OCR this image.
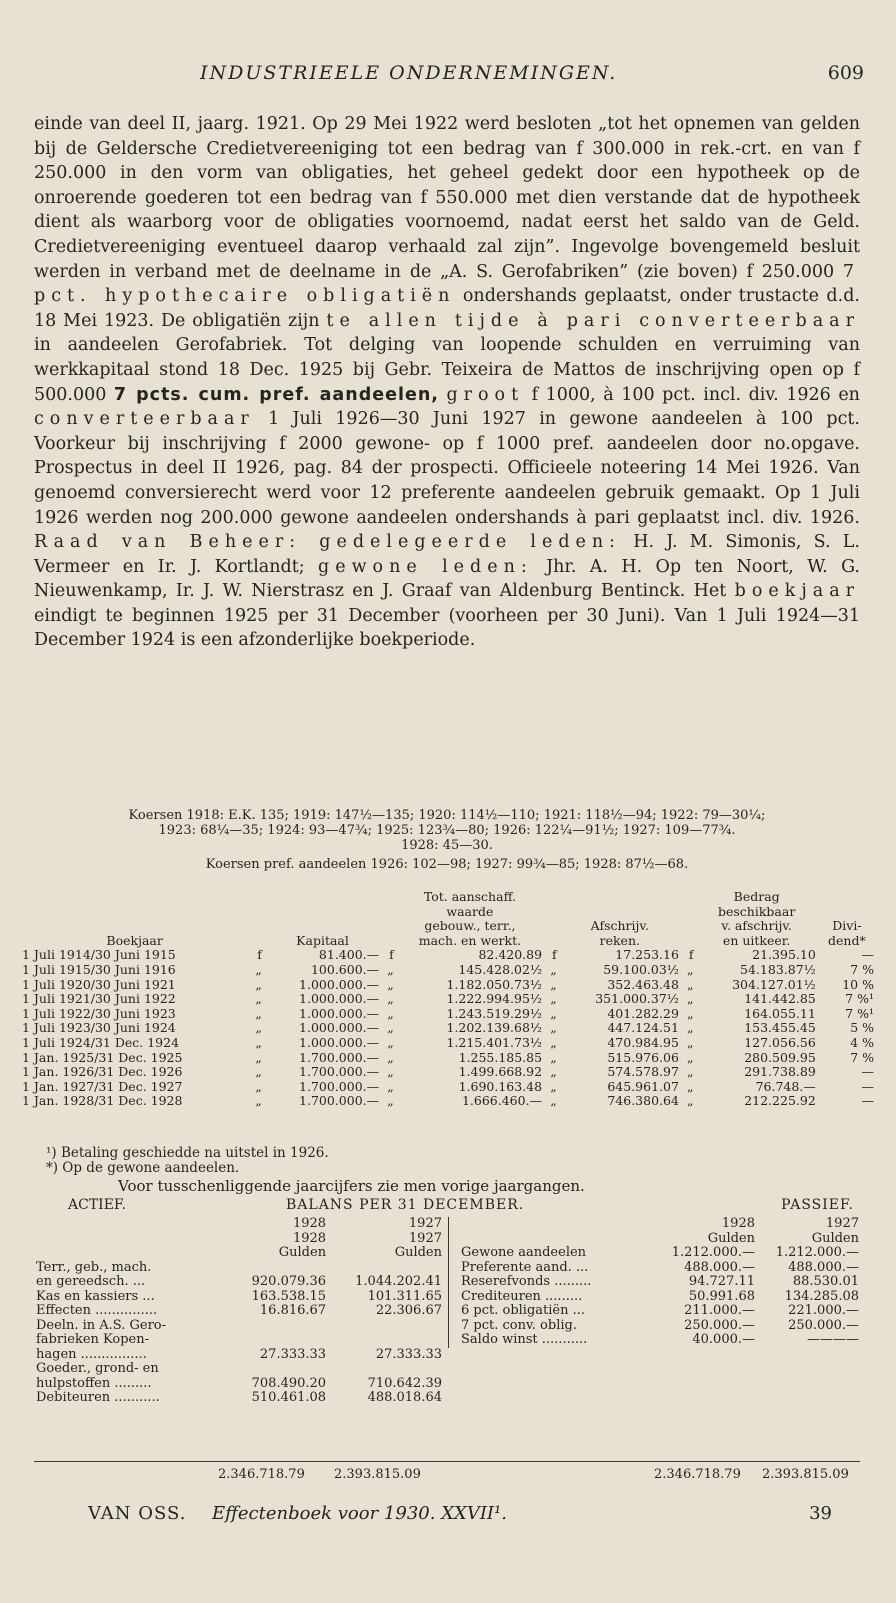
INDUSTRIEELE ONDERNEMINGEN.	609

einde van deel II, jaarg. 1921. Op 29 Mei 1922 werd besloten „tot het opnemen van gelden bij de Geldersche Credietvereeniging tot een bedrag van f 300.000 in rek.-crt. en van f 250.000 in den vorm van obligaties, het geheel gedekt door een hypotheek op de onroerende goederen tot een bedrag van f 550.000 met dien verstande dat de hypotheek dient als waarborg voor de obligaties voornoemd, nadat eerst het saldo van de Geld. Credietvereeniging eventueel daarop verhaald zal zijn”. Ingevolge bovengemeld besluit werden in verband met de deelname in de „A. S. Gerofabriken” (zie boven) f 250.000 7 pct. hypothecaire obligatiën ondershands geplaatst, onder trustacte d.d. 18 Mei 1923. De obligatiën zijn te allen tijde à pari converteerbaar in aandeelen Gerofabriek. Tot delging van loopende schulden en verruiming van werkkapitaal stond 18 Dec. 1925 bij Gebr. Teixeira de Mattos de inschrijving open op f 500.000 7 pcts. cum. pref. aandeelen, groot f 1000, à 100 pct. incl. div. 1926 en converteerbaar 1 Juli 1926—30 Juni 1927 in gewone aandeelen à 100 pct. Voorkeur bij inschrijving f 2000 gewone- op f 1000 pref. aandeelen door no.opgave. Prospectus in deel II 1926, pag. 84 der prospecti. Officieele noteering 14 Mei 1926. Van genoemd conversierecht werd voor 12 preferente aandeelen gebruik gemaakt. Op 1 Juli 1926 werden nog 200.000 gewone aandeelen ondershands à pari geplaatst incl. div. 1926. Raad van Beheer: gedelegeerde leden: H. J. M. Simonis, S. L. Vermeer en Ir. J. Kortlandt; gewone leden: Jhr. A. H. Op ten Noort, W. G. Nieuwenkamp, Ir. J. W. Nierstrasz en J. Graaf van Aldenburg Bentinck. Het boekjaar eindigt te beginnen 1925 per 31 December (voorheen per 30 Juni). Van 1 Juli 1924—31 December 1924 is een afzonderlijke boekperiode.

Koersen 1918: E.K. 135; 1919: 147½—135; 1920: 114½—110; 1921: 118½—94; 1922: 79—30¼;

1923: 68¼—35; 1924: 93—47¾; 1925: 123¾—80; 1926: 122¼—91½; 1927: 109—77¾.

1928: 45—30.

Koersen pref. aandeelen 1926: 102—98; 1927: 99¾—85; 1928: 87½—68.

				Tot. aanschaff.				Bedrag	
				waarde				beschikbaar	
				gebouw., terr.,		Afschrijv.		v. afschrijv.	Divi-
Boekjaar		Kapitaal		mach. en werkt.		reken.		en uitkeer.	dend*
1 Juli 1914/30 Juni 1915	f	81.400.—	f	82.420.89	f	17.253.16	f	21.395.10	—
1 Juli 1915/30 Juni 1916	„	100.600.—	„	145.428.02½	„	59.100.03½	„	54.183.87½	7 %
1 Juli 1920/30 Juni 1921	„	1.000.000.—	„	1.182.050.73½	„	352.463.48	„	304.127.01½	10 %
1 Juli 1921/30 Juni 1922	„	1.000.000.—	„	1.222.994.95½	„	351.000.37½	„	141.442.85	7 %¹
1 Juli 1922/30 Juni 1923	„	1.000.000.—	„	1.243.519.29½	„	401.282.29	„	164.055.11	7 %¹
1 Juli 1923/30 Juni 1924	„	1.000.000.—	„	1.202.139.68½	„	447.124.51	„	153.455.45	5 %
1 Juli 1924/31 Dec. 1924	„	1.000.000.—	„	1.215.401.73½	„	470.984.95	„	127.056.56	4 %
1 Jan. 1925/31 Dec. 1925	„	1.700.000.—	„	1.255.185.85	„	515.976.06	„	280.509.95	7 %
1 Jan. 1926/31 Dec. 1926	„	1.700.000.—	„	1.499.668.92	„	574.578.97	„	291.738.89	—
1 Jan. 1927/31 Dec. 1927	„	1.700.000.—	„	1.690.163.48	„	645.961.07	„	76.748.—	—
1 Jan. 1928/31 Dec. 1928	„	1.700.000.—	„	1.666.460.—	„	746.380.64	„	212.225.92	—

¹) Betaling geschiedde na uitstel in 1926.

*) Op de gewone aandeelen.

Voor tusschenliggende jaarcijfers zie men vorige jaargangen.
ACTIEF.	BALANS PER 31 DECEMBER.	PASSIEF.
	1928	1927
	1928	1927
	Gulden	Gulden
Terr., geb., mach.		
en gereedsch. ...	920.079.36	1.044.202.41
Kas en kassiers ...	163.538.15	101.311.65
Effecten ...............	16.816.67	22.306.67
Deeln. in A.S. Gero-		
fabrieken Kopen-		
hagen ................	27.333.33	27.333.33
Goeder., grond- en		
hulpstoffen .........	708.490.20	710.642.39
Debiteuren ...........	510.461.08	488.018.64
	1928	1927
	Gulden	Gulden
Gewone aandeelen	1.212.000.—	1.212.000.—
Preferente aand. ...	488.000.—	488.000.—
Reserefvonds .........	94.727.11	88.530.01
Crediteuren .........	50.991.68	134.285.08
6 pct. obligatiën ...	211.000.—	221.000.—
7 pct. conv. oblig.	250.000.—	250.000.—
Saldo winst ...........	40.000.—	————
2.346.718.79 2.393.815.09	2.346.718.79 2.393.815.09
VAN OSS. Effectenboek voor 1930. XXVII¹.	39
